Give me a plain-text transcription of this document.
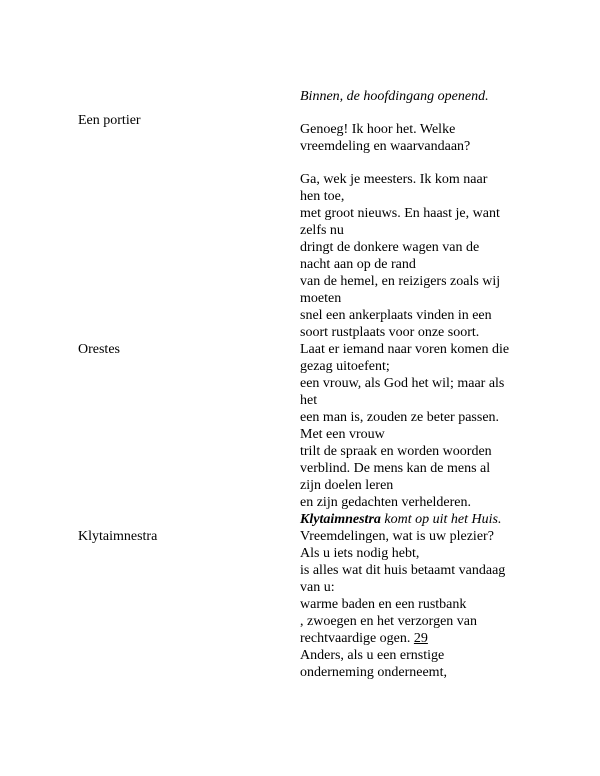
Binnen, de hoofdingang openend.
Een portier
Genoeg! Ik hoor het. Welke
vreemdeling en waarvandaan?
Ga, wek je meesters. Ik kom naar
hen toe,
met groot nieuws. En haast je, want
zelfs nu
dringt de donkere wagen van de
nacht aan op de rand
van de hemel, en reizigers zoals wij
moeten
snel een ankerplaats vinden in een
soort rustplaats voor onze soort.
Orestes	Laat er iemand naar voren komen die
gezag uitoefent;
een vrouw, als God het wil; maar als
het
een man is, zouden ze beter passen.
Met een vrouw
trilt de spraak en worden woorden
verblind. De mens kan de mens al
zijn doelen leren
en zijn gedachten verhelderen.
Klytaimnestra komt op uit het Huis.
Klytaimnestra	Vreemdelingen, wat is uw plezier?
Als u iets nodig hebt,
is alles wat dit huis betaamt vandaag
van u:
warme baden en een rustbank
, zwoegen en het verzorgen van
rechtvaardige ogen. 29
Anders, als u een ernstige
onderneming onderneemt,
